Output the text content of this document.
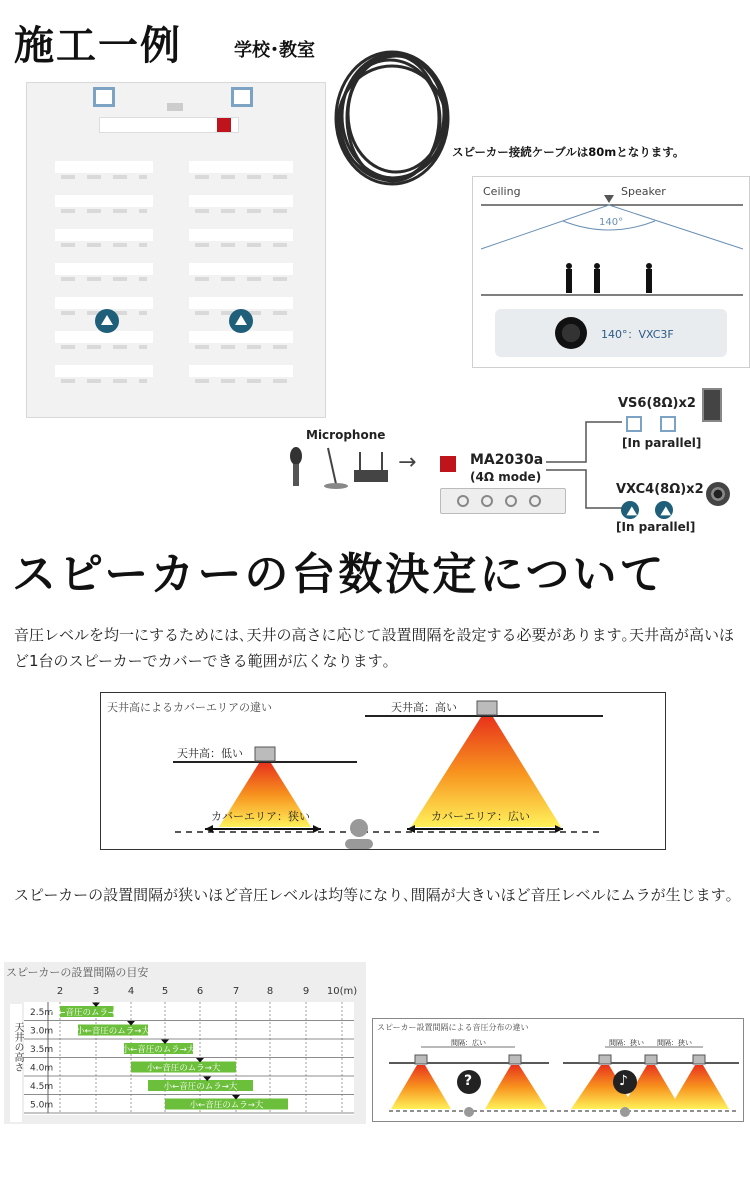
施工一例	学校･教室
スピーカー接続ケーブルは80mとなります。
Ceiling	Speaker
140°
140°：VXC3F
Microphone
→	MA2030a
(4Ω mode)
VS6(8Ω)x2
[In parallel]
VXC4(8Ω)x2
[In parallel]
スピーカーの台数決定について
音圧レベルを均一にするためには､天井の高さに応じて設置間隔を設定する必要があります｡天井高が高いほど1台のスピーカーでカバーできる範囲が広くなります｡
天井高によるカバーエリアの違い
天井高：低い
天井高：高い
カバーエリア：狭い	カバーエリア：広い
スピーカーの設置間隔が狭いほど音圧レベルは均等になり､間隔が大きいほど音圧レベルにムラが生じます｡
スピーカーの設置間隔の目安
天井の高さ
2	3	4	5	6	7	8	9 10(m)
2.5m
小←音圧のムラ→大
3.0m	小←音圧のムラ→大
3.5m	小←音圧のムラ→大
4.0m	小←音圧のムラ→大
4.5m	小←音圧のムラ→大
5.0m	小←音圧のムラ→大
スピーカー設置間隔による音圧分布の違い
間隔：広い	間隔：狭い 間隔：狭い
?	♪
